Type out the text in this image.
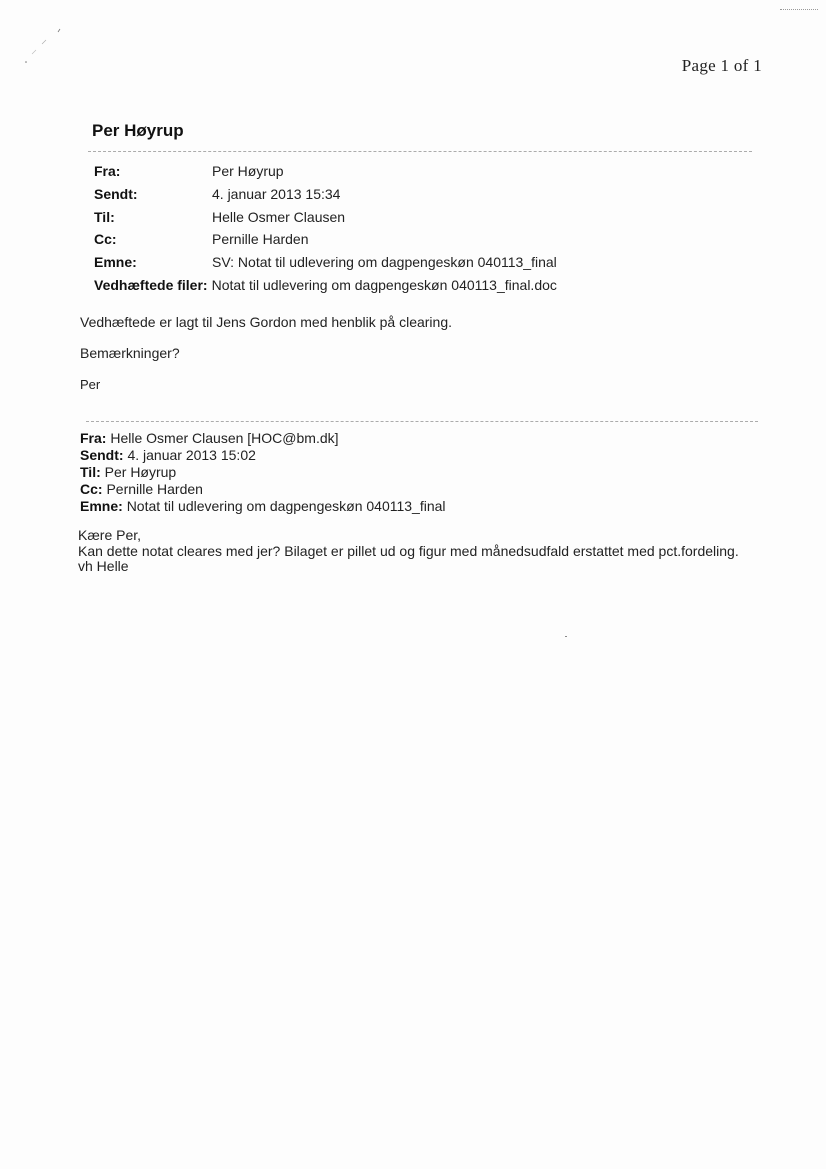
Page 1 of 1
Per Høyrup
Fra:	Per Høyrup
Sendt:	4. januar 2013 15:34
Til:	Helle Osmer Clausen
Cc:	Pernille Harden
Emne:	SV: Notat til udlevering om dagpengeskøn 040113_final
Vedhæftede filer: Notat til udlevering om dagpengeskøn 040113_final.doc
Vedhæftede er lagt til Jens Gordon med henblik på clearing.
Bemærkninger?
Per
Fra: Helle Osmer Clausen [HOC@bm.dk]
Sendt: 4. januar 2013 15:02
Til: Per Høyrup
Cc: Pernille Harden
Emne: Notat til udlevering om dagpengeskøn 040113_final
Kære Per,
Kan dette notat cleares med jer? Bilaget er pillet ud og figur med månedsudfald erstattet med pct.fordeling.
vh Helle
